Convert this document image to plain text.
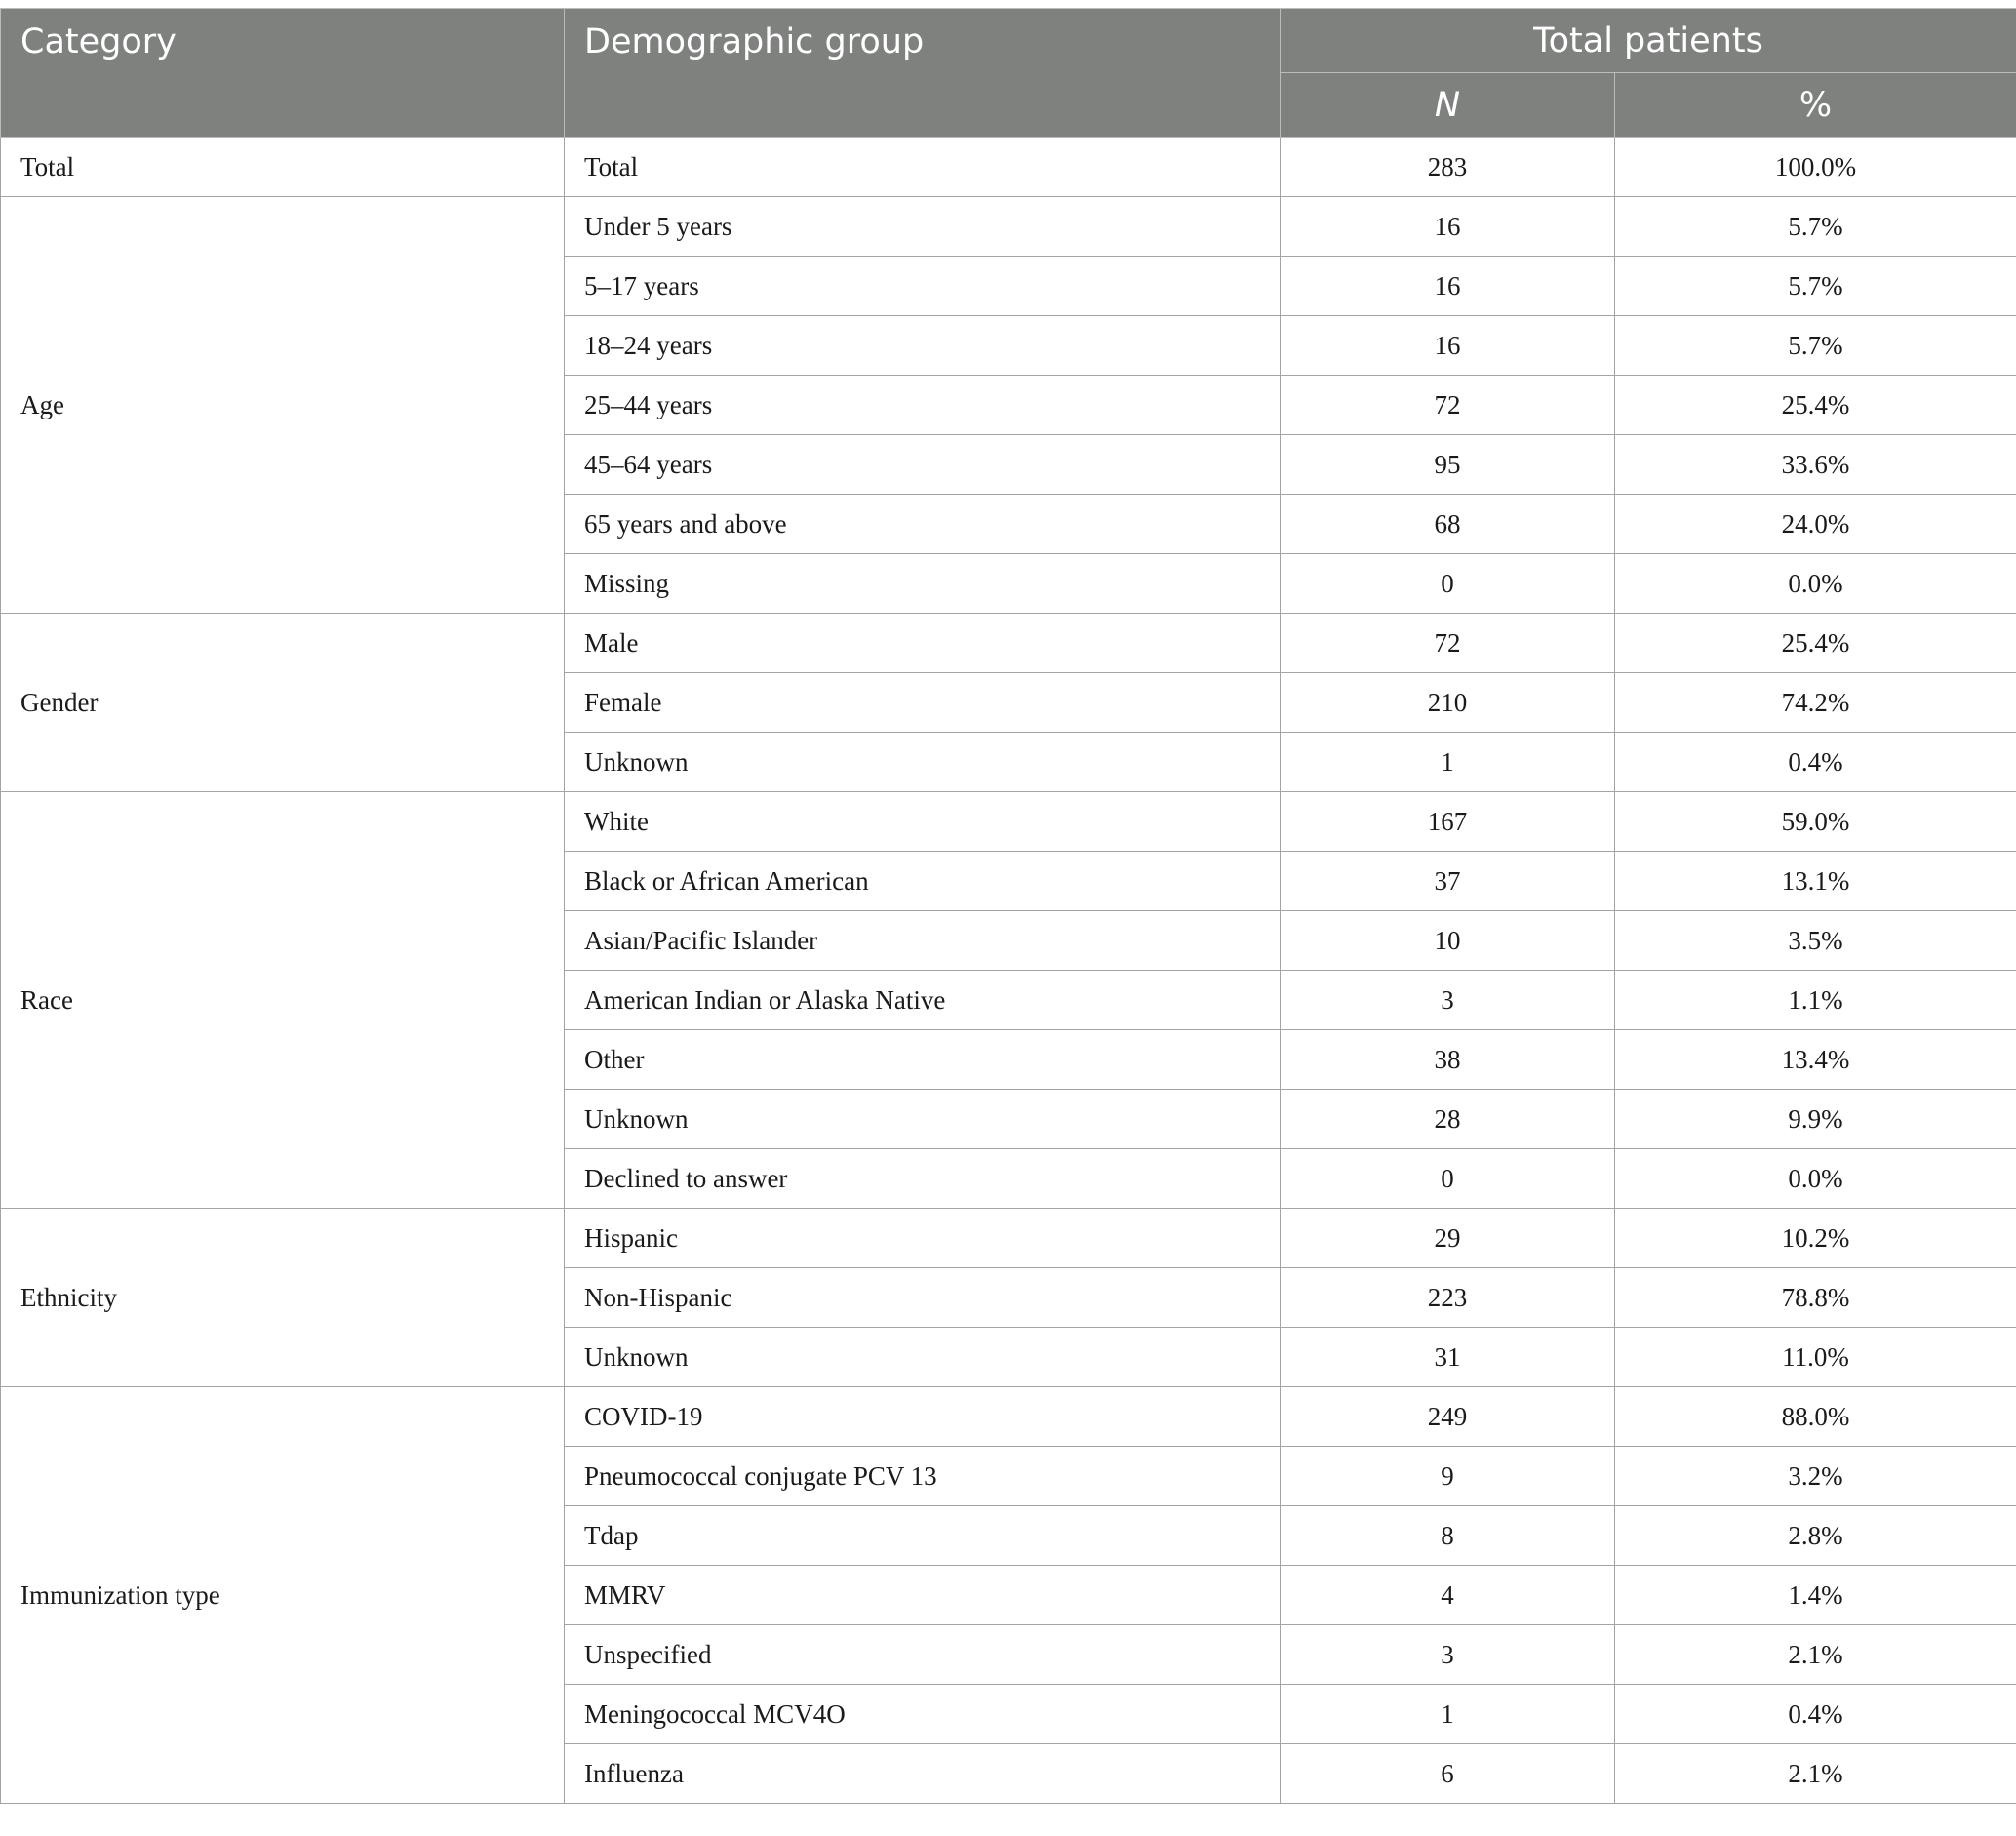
Category	Demographic group	Total patients	
		N	%
Total	Total	283	100.0%
Age	Under 5 years	16	5.7%
	5–17 years	16	5.7%
	18–24 years	16	5.7%
	25–44 years	72	25.4%
	45–64 years	95	33.6%
	65 years and above	68	24.0%
	Missing	0	0.0%
Gender	Male	72	25.4%
	Female	210	74.2%
	Unknown	1	0.4%
Race	White	167	59.0%
	Black or African American	37	13.1%
	Asian/Pacific Islander	10	3.5%
	American Indian or Alaska Native	3	1.1%
	Other	38	13.4%
	Unknown	28	9.9%
	Declined to answer	0	0.0%
Ethnicity	Hispanic	29	10.2%
	Non-Hispanic	223	78.8%
	Unknown	31	11.0%
Immunization type	COVID-19	249	88.0%
	Pneumococcal conjugate PCV 13	9	3.2%
	Tdap	8	2.8%
	MMRV	4	1.4%
	Unspecified	3	2.1%
	Meningococcal MCV4O	1	0.4%
	Influenza	6	2.1%
